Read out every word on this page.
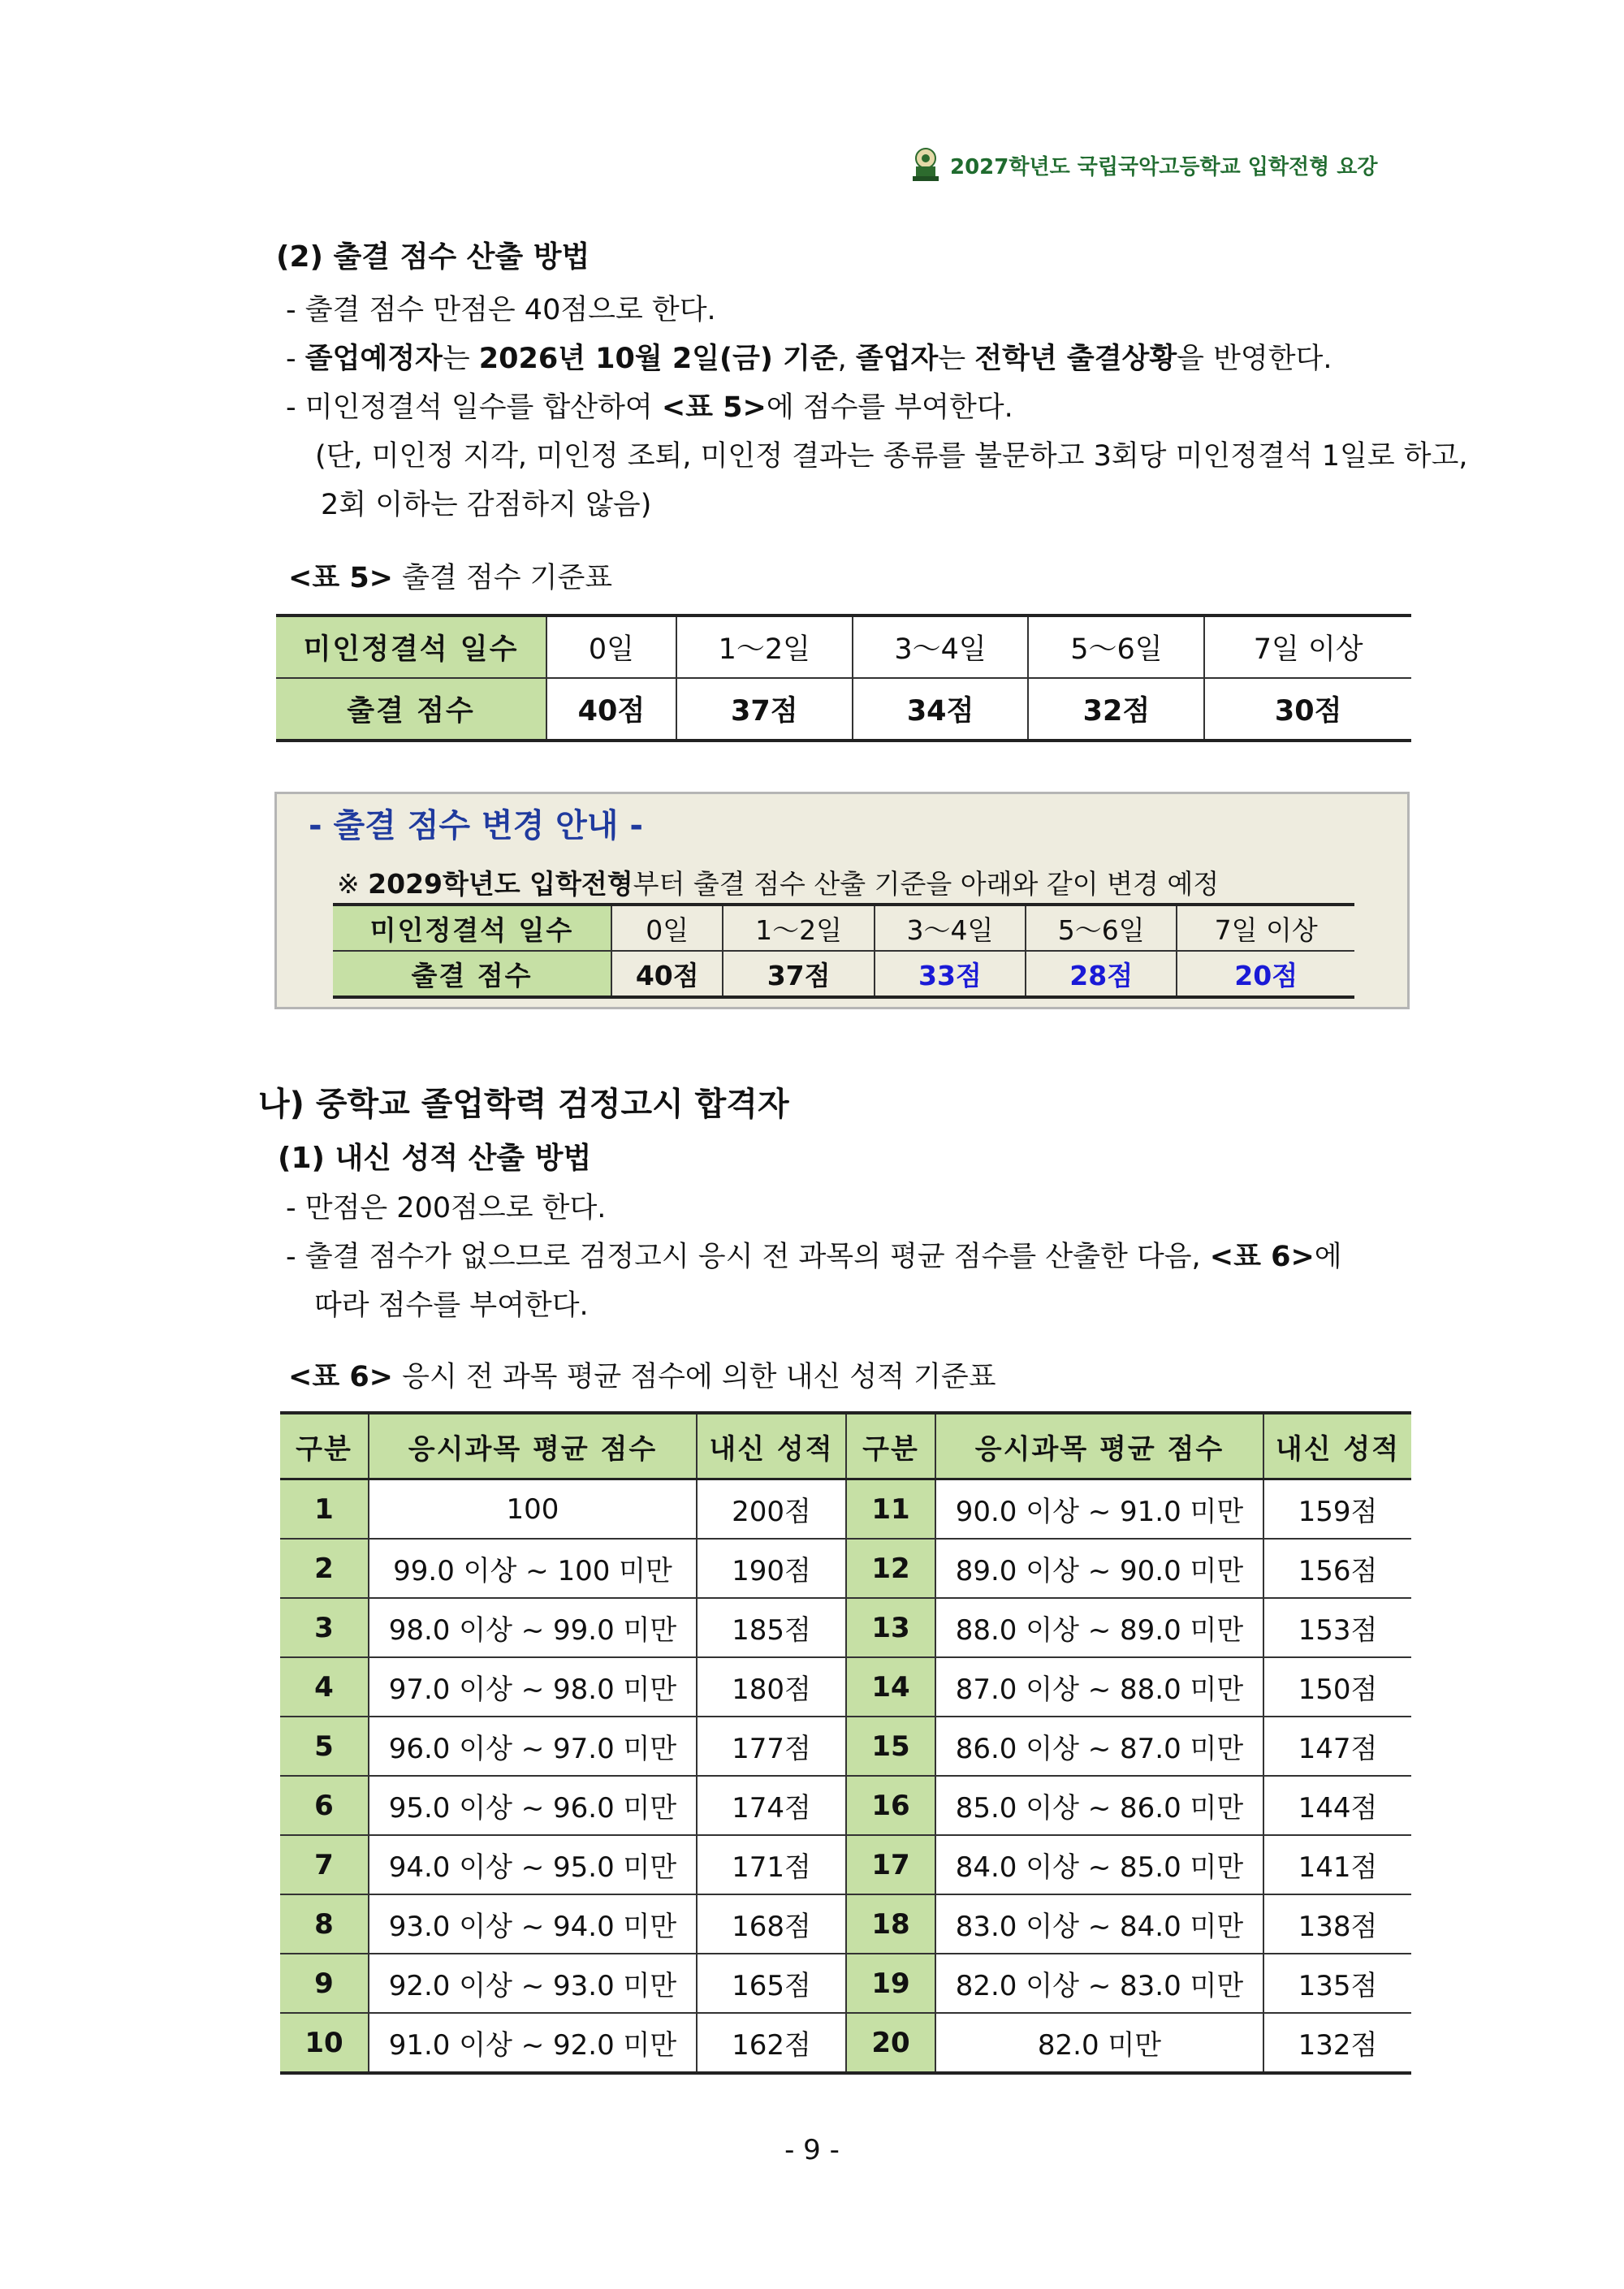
2027학년도 국립국악고등학교 입학전형 요강
(2) 출결 점수 산출 방법
- 출결 점수 만점은 40점으로 한다.
- 졸업예정자는 2026년 10월 2일(금) 기준, 졸업자는 전학년 출결상황을 반영한다.
- 미인정결석 일수를 합산하여 <표 5>에 점수를 부여한다.
(단, 미인정 지각, 미인정 조퇴, 미인정 결과는 종류를 불문하고 3회당 미인정결석 1일로 하고,
2회 이하는 감점하지 않음)
<표 5> 출결 점수 기준표
미인정결석 일수	0일	1～2일	3～4일	5～6일	7일 이상
출결 점수	40점	37점	34점	32점	30점
- 출결 점수 변경 안내 -
※ 2029학년도 입학전형부터 출결 점수 산출 기준을 아래와 같이 변경 예정
미인정결석 일수	0일	1～2일	3～4일	5～6일	7일 이상
출결 점수	40점	37점	33점	28점	20점
나) 중학교 졸업학력 검정고시 합격자
(1) 내신 성적 산출 방법
- 만점은 200점으로 한다.
- 출결 점수가 없으므로 검정고시 응시 전 과목의 평균 점수를 산출한 다음, <표 6>에
따라 점수를 부여한다.
<표 6> 응시 전 과목 평균 점수에 의한 내신 성적 기준표
구분	응시과목 평균 점수	내신 성적	구분	응시과목 평균 점수	내신 성적
1	100	200점	11	90.0 이상 ~ 91.0 미만	159점
2	99.0 이상 ~ 100 미만	190점	12	89.0 이상 ~ 90.0 미만	156점
3	98.0 이상 ~ 99.0 미만	185점	13	88.0 이상 ~ 89.0 미만	153점
4	97.0 이상 ~ 98.0 미만	180점	14	87.0 이상 ~ 88.0 미만	150점
5	96.0 이상 ~ 97.0 미만	177점	15	86.0 이상 ~ 87.0 미만	147점
6	95.0 이상 ~ 96.0 미만	174점	16	85.0 이상 ~ 86.0 미만	144점
7	94.0 이상 ~ 95.0 미만	171점	17	84.0 이상 ~ 85.0 미만	141점
8	93.0 이상 ~ 94.0 미만	168점	18	83.0 이상 ~ 84.0 미만	138점
9	92.0 이상 ~ 93.0 미만	165점	19	82.0 이상 ~ 83.0 미만	135점
10	91.0 이상 ~ 92.0 미만	162점	20	82.0 미만	132점
- 9 -
